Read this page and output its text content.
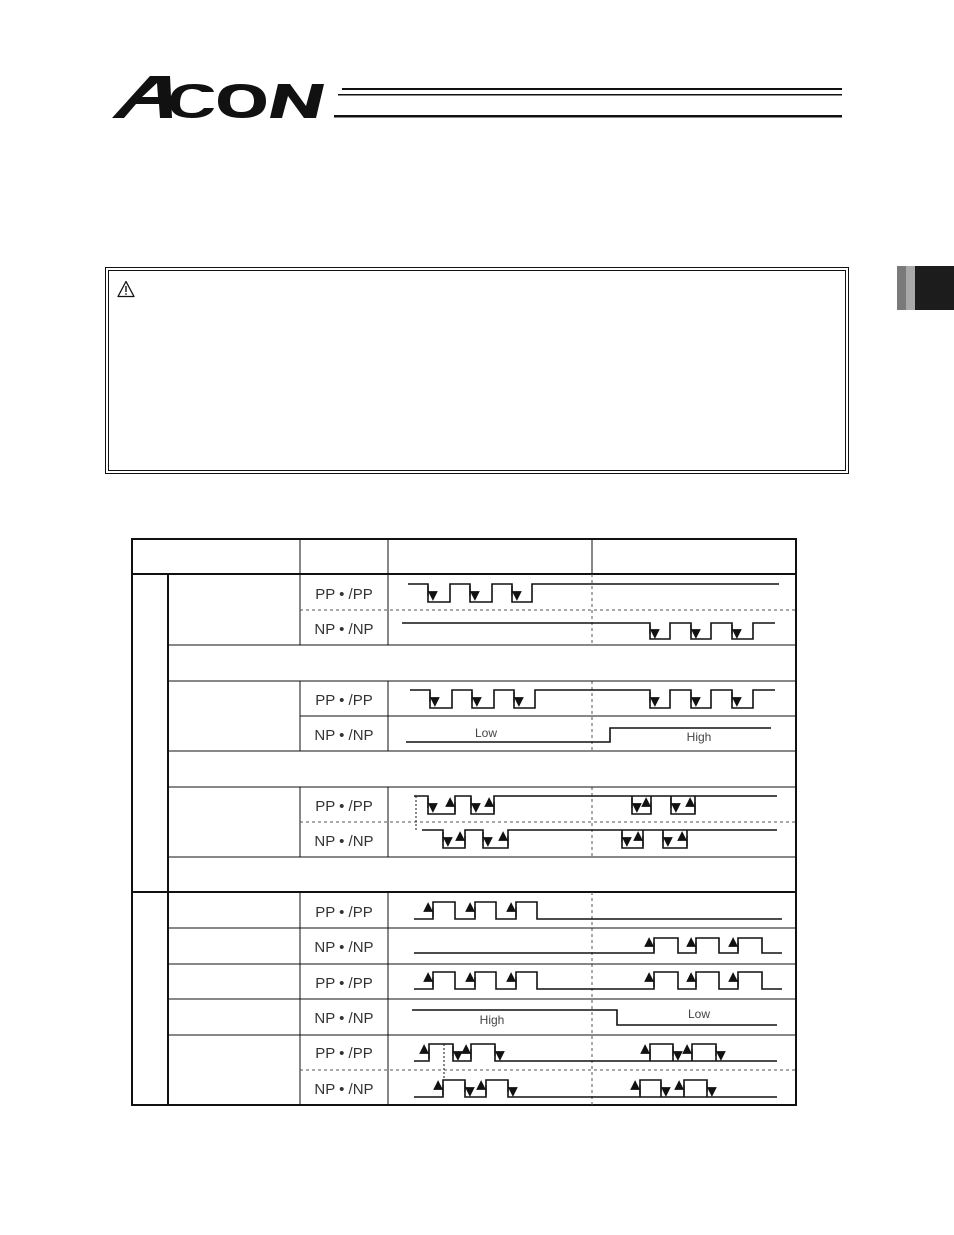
PP • /PP
NP • /NP
PP • /PP
NP • /NP
PP • /PP
NP • /NP
PP • /PP
NP • /NP
PP • /PP
NP • /NP
PP • /PP
NP • /NP
Low	High
High	Low
